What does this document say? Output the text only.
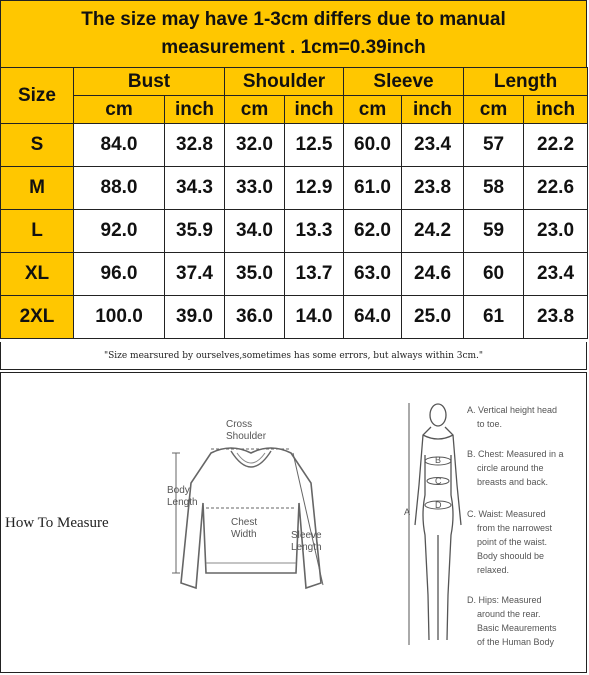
The size may have 1-3cm differs due to manual
measurement . 1cm=0.39inch
Size	Bust		Shoulder		Sleeve		Length	
	cm	inch	cm	inch	cm	inch	cm	inch
S	84.0	32.8	32.0	12.5	60.0	23.4	57	22.2
M	88.0	34.3	33.0	12.9	61.0	23.8	58	22.6
L	92.0	35.9	34.0	13.3	62.0	24.2	59	23.0
XL	96.0	37.4	35.0	13.7	63.0	24.6	60	23.4
2XL	100.0	39.0	36.0	14.0	64.0	25.0	61	23.8
"Size mearsured by ourselves,sometimes has some errors, but always within 3cm."
How To Measure
Cross
Shoulder
Body
Length
Chest
Width	Sleeve
Length
A
B
C
D
A. Vertical height head
to toe.
B. Chest: Measured in a
circle around the
breasts and back.
C. Waist: Measured
from the narrowest
point of the waist.
Body shoould be
relaxed.
D. Hips: Measured
around the rear.
Basic Meaurements
of the Human Body
